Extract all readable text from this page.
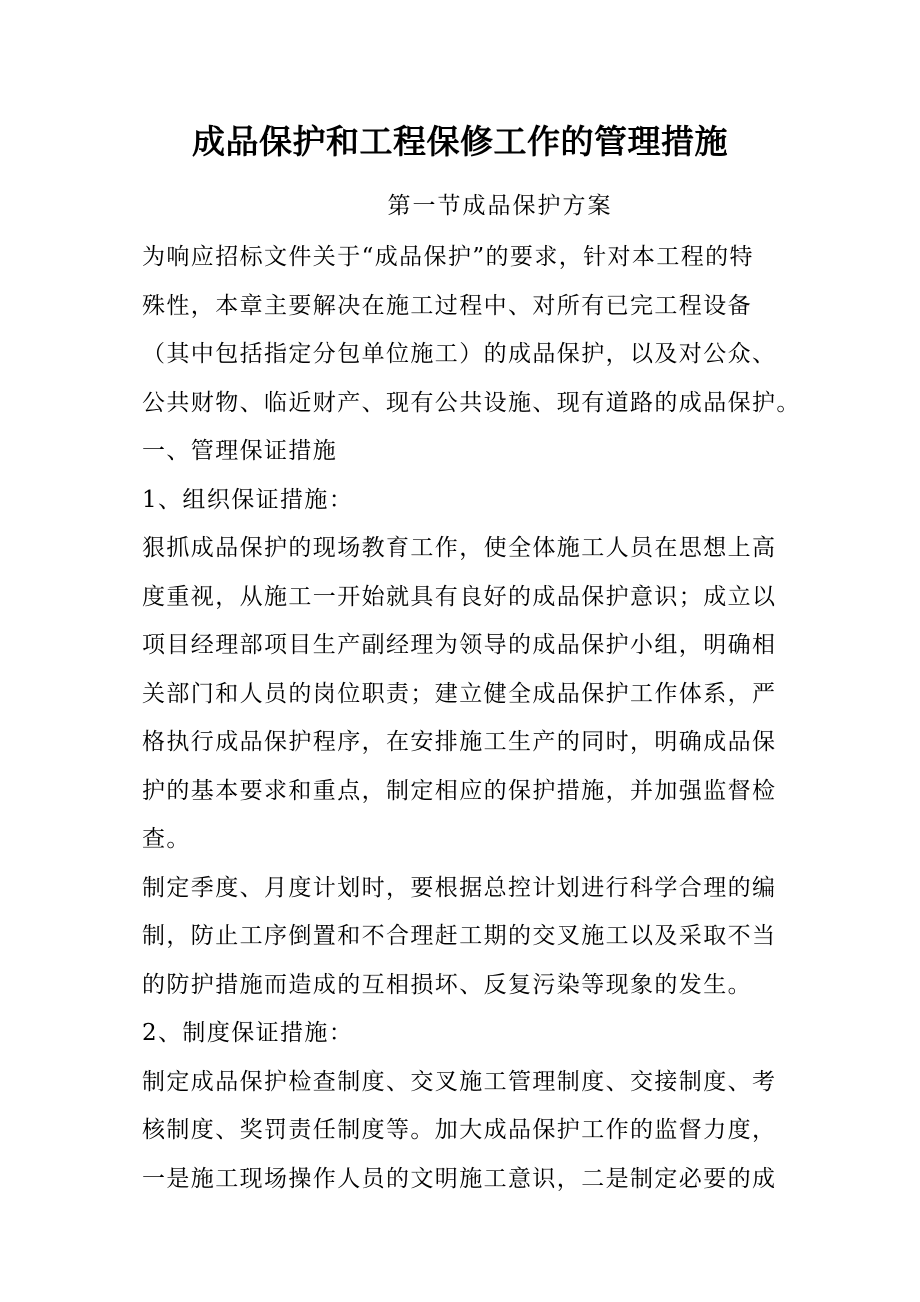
成品保护和工程保修工作的管理措施
第一节成品保护方案
为响应招标文件关于“成品保护”的要求，针对本工程的特
殊性，本章主要解决在施工过程中、对所有已完工程设备
（其中包括指定分包单位施工）的成品保护，以及对公众、
公共财物、临近财产、现有公共设施、现有道路的成品保护。
一、管理保证措施
1、组织保证措施：
狠抓成品保护的现场教育工作，使全体施工人员在思想上高
度重视，从施工一开始就具有良好的成品保护意识；成立以
项目经理部项目生产副经理为领导的成品保护小组，明确相
关部门和人员的岗位职责；建立健全成品保护工作体系，严
格执行成品保护程序，在安排施工生产的同时，明确成品保
护的基本要求和重点，制定相应的保护措施，并加强监督检
查。
制定季度、月度计划时，要根据总控计划进行科学合理的编
制，防止工序倒置和不合理赶工期的交叉施工以及采取不当
的防护措施而造成的互相损坏、反复污染等现象的发生。
2、制度保证措施：
制定成品保护检查制度、交叉施工管理制度、交接制度、考
核制度、奖罚责任制度等。加大成品保护工作的监督力度，
一是施工现场操作人员的文明施工意识，二是制定必要的成
